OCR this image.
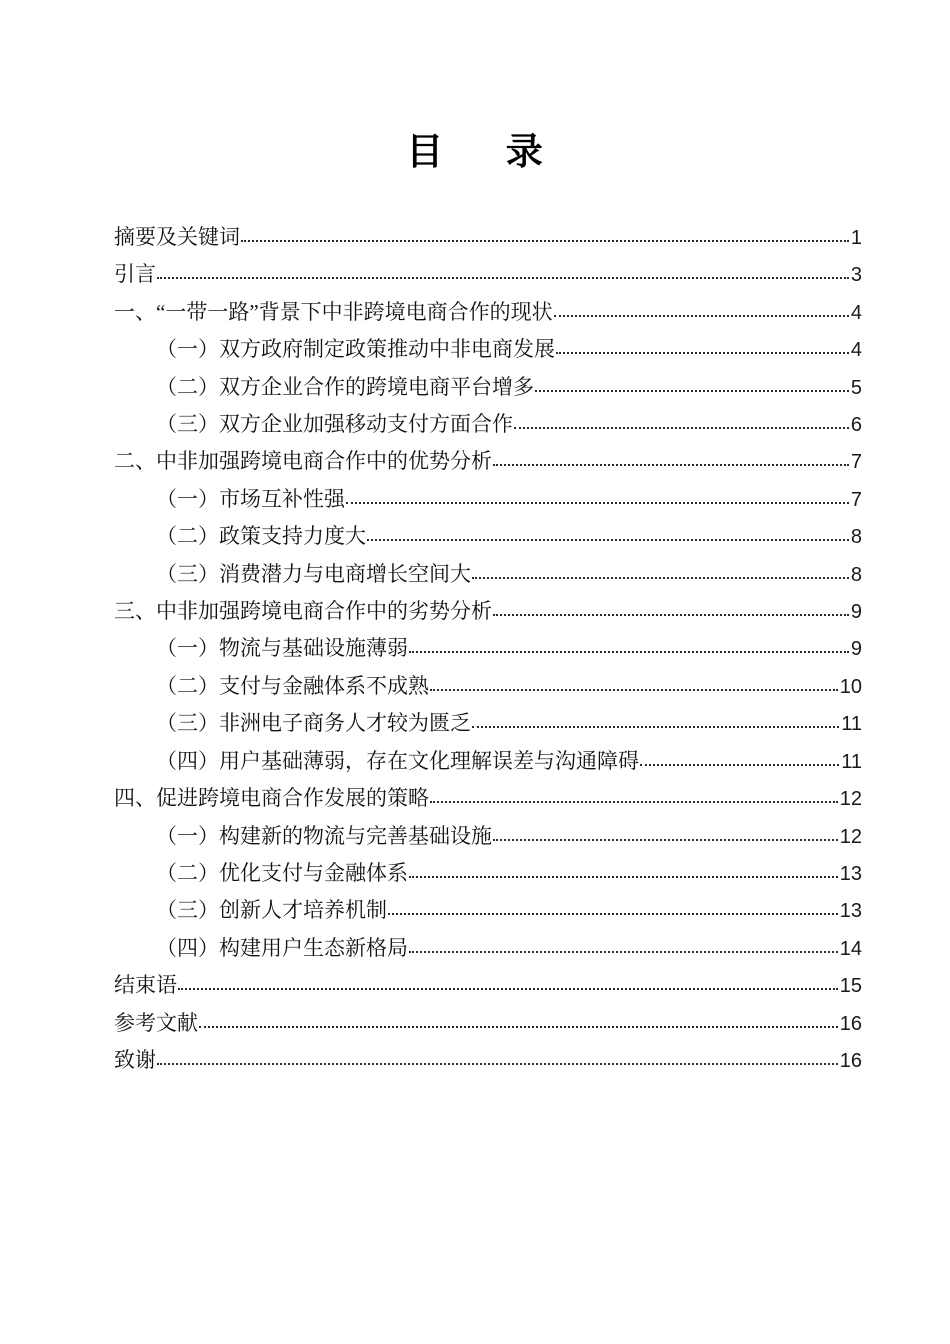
目      录
摘要及关键词	1
引言	3
一、“一带一路”背景下中非跨境电商合作的现状	4
（一）双方政府制定政策推动中非电商发展	4
（二）双方企业合作的跨境电商平台增多	5
（三）双方企业加强移动支付方面合作	6
二、中非加强跨境电商合作中的优势分析	7
（一）市场互补性强	7
（二）政策支持力度大	8
（三）消费潜力与电商增长空间大	8
三、中非加强跨境电商合作中的劣势分析	9
（一）物流与基础设施薄弱	9
（二）支付与金融体系不成熟	10
（三）非洲电子商务人才较为匮乏	11
（四）用户基础薄弱，存在文化理解误差与沟通障碍	11
四、促进跨境电商合作发展的策略	12
（一）构建新的物流与完善基础设施	12
（二）优化支付与金融体系	13
（三）创新人才培养机制	13
（四）构建用户生态新格局	14
结束语	15
参考文献	16
致谢	16
